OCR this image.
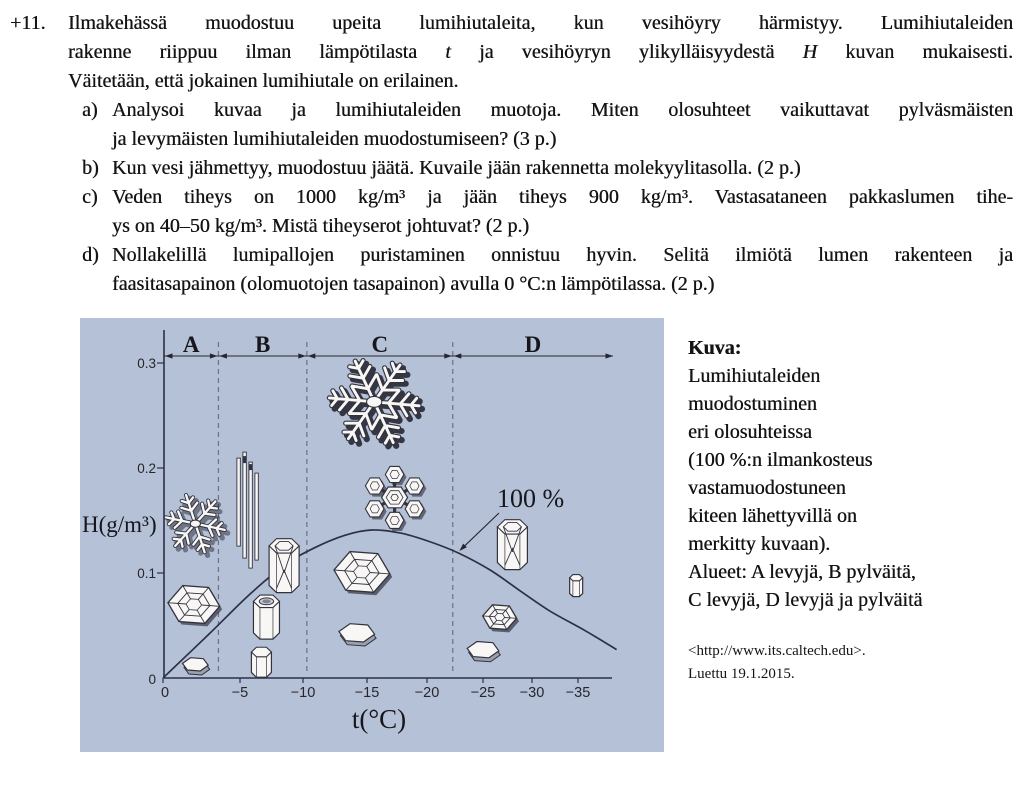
+11. Ilmakehässä muodostuu upeita lumihiutaleita, kun vesihöyry härmistyy. Lumihiutaleiden
rakenne riippuu ilman lämpötilasta t ja vesihöyryn ylikylläisyydestä H kuvan mukaisesti.
Väitetään, että jokainen lumihiutale on erilainen.
a) Analysoi kuvaa ja lumihiutaleiden muotoja. Miten olosuhteet vaikuttavat pylväsmäisten
ja levymäisten lumihiutaleiden muodostumiseen? (3 p.)
b) Kun vesi jähmettyy, muodostuu jäätä. Kuvaile jään rakennetta molekyylitasolla. (2 p.)
c) Veden tiheys on 1000 kg/m³ ja jään tiheys 900 kg/m³. Vastasataneen pakkaslumen tihe-
ys on 40–50 kg/m³. Mistä tiheyserot johtuvat? (2 p.)
d) Nollakelillä lumipallojen puristaminen onnistuu hyvin. Selitä ilmiötä lumen rakenteen ja
faasitasapainon (olomuotojen tasapainon) avulla 0 °C:n lämpötilassa. (2 p.)
A B	C	D
0	−5	−10	−15 −20 −25 −30 −35
0
0.1
0.2
0.3
H(g/m³)
t(°C)
100 %
Kuva:
Lumihiutaleiden
muodostuminen
eri olosuhteissa
(100 %:n ilmankosteus
vastamuodostuneen
kiteen lähettyvillä on
merkitty kuvaan).
Alueet: A levyjä, B pylväitä,
C levyjä, D levyjä ja pylväitä
<http://www.its.caltech.edu>.
Luettu 19.1.2015.
